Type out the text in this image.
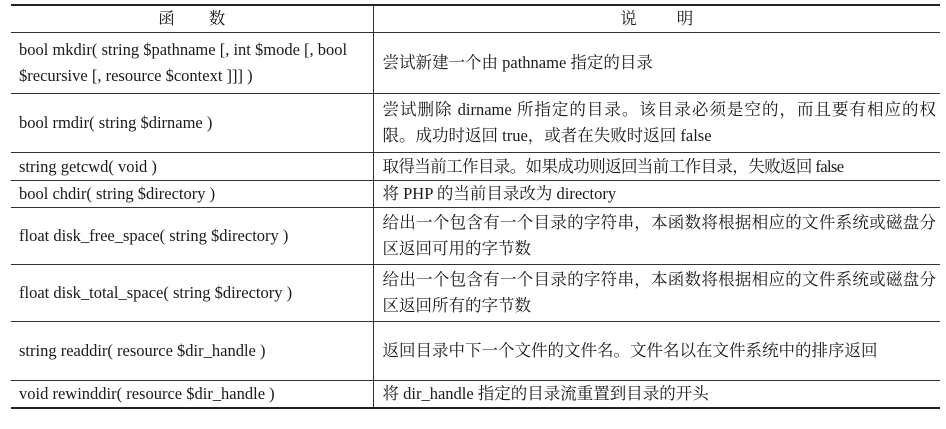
函 数	说 明
bool mkdir( string $pathname [, int $mode [, bool $recursive [, resource $context ]]] )	尝试新建一个由 pathname 指定的目录
bool rmdir( string $dirname )	尝试删除 dirname 所指定的目录。该目录必须是空的，而且要有相应的权限。成功时返回 true，或者在失败时返回 false
string getcwd( void )	取得当前工作目录。如果成功则返回当前工作目录，失败返回 false
bool chdir( string $directory )	将 PHP 的当前目录改为 directory
float disk_free_space( string $directory )	给出一个包含有一个目录的字符串，本函数将根据相应的文件系统或磁盘分区返回可用的字节数
float disk_total_space( string $directory )	给出一个包含有一个目录的字符串，本函数将根据相应的文件系统或磁盘分区返回所有的字节数
string readdir( resource $dir_handle )	返回目录中下一个文件的文件名。文件名以在文件系统中的排序返回
void rewinddir( resource $dir_handle )	将 dir_handle 指定的目录流重置到目录的开头
